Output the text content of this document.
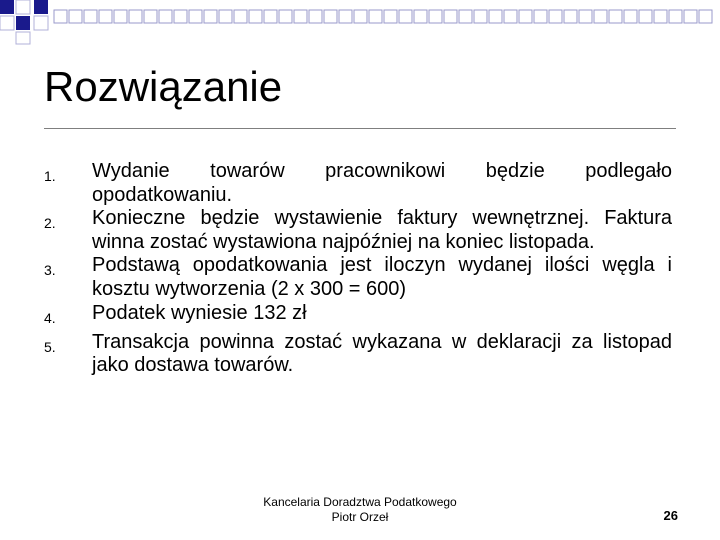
Rozwiązanie
1.	Wydanie towarów pracownikowi będzie podlegało opodatkowaniu.
2.	Konieczne będzie wystawienie faktury wewnętrznej. Faktura winna zostać wystawiona najpóźniej na koniec listopada.
3.	Podstawą opodatkowania jest iloczyn wydanej ilości węgla i kosztu wytworzenia (2 x 300 = 600)
4.	Podatek wyniesie 132 zł
5.	Transakcja powinna zostać wykazana w deklaracji za listopad jako dostawa towarów.
Kancelaria Doradztwa Podatkowego
Piotr Orzeł	26
